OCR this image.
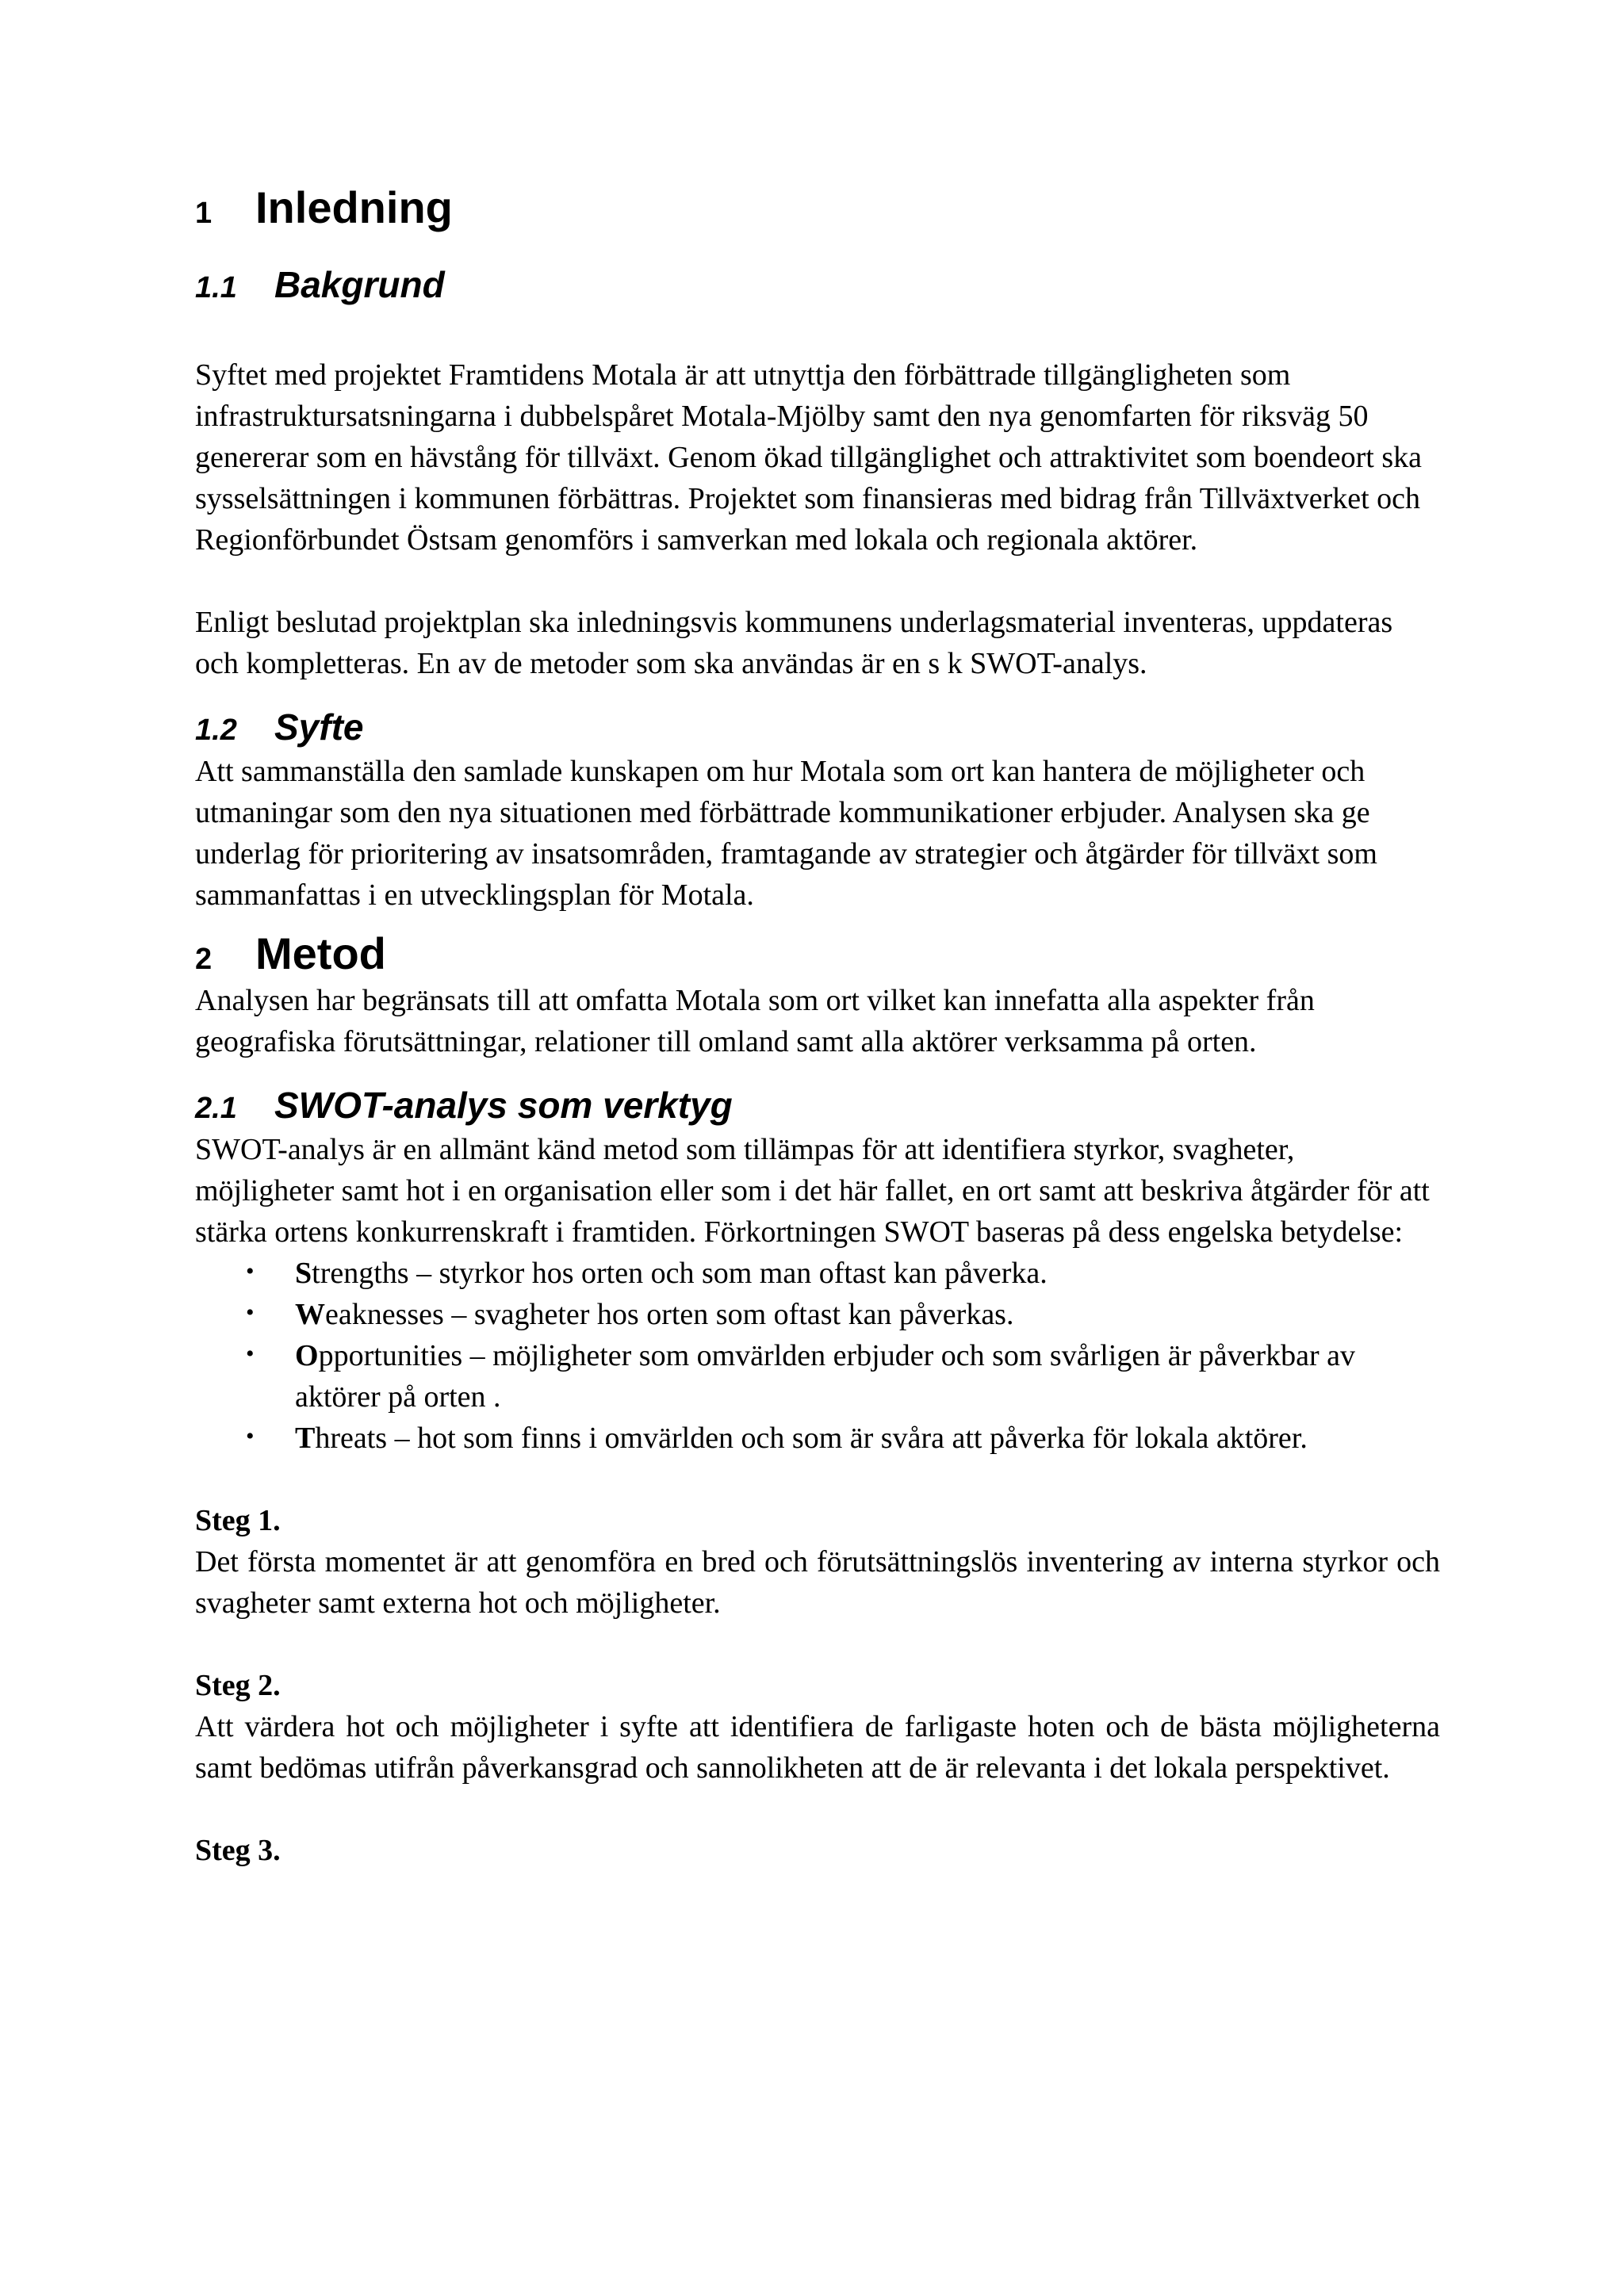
1 Inledning
1.1	Bakgrund

Syftet med projektet Framtidens Motala är att utnyttja den förbättrade tillgängligheten som infrastruktursatsningarna i dubbelspåret Motala-Mjölby samt den nya genomfarten för riksväg 50 genererar som en hävstång för tillväxt. Genom ökad tillgänglighet och attraktivitet som boendeort ska sysselsättningen i kommunen förbättras. Projektet som finansieras med bidrag från Tillväxtverket och Regionförbundet Östsam genomförs i samverkan med lokala och regionala aktörer.

Enligt beslutad projektplan ska inledningsvis kommunens underlagsmaterial inventeras, uppdateras och kompletteras. En av de metoder som ska användas är en s k SWOT-analys.

1.2	Syfte

Att sammanställa den samlade kunskapen om hur Motala som ort kan hantera de möjligheter och utmaningar som den nya situationen med förbättrade kommunikationer erbjuder. Analysen ska ge underlag för prioritering av insatsområden, framtagande av strategier och åtgärder för tillväxt som sammanfattas i en utvecklingsplan för Motala.

2 Metod

Analysen har begränsats till att omfatta Motala som ort vilket kan innefatta alla aspekter från geografiska förutsättningar, relationer till omland samt alla aktörer verksamma på orten.

2.1	SWOT-analys som verktyg

SWOT-analys är en allmänt känd metod som tillämpas för att identifiera styrkor, svagheter, möjligheter samt hot i en organisation eller som i det här fallet, en ort samt att beskriva åtgärder för att stärka ortens konkurrenskraft i framtiden. Förkortningen SWOT baseras på dess engelska betydelse:

• Strengths – styrkor hos orten och som man oftast kan påverka.
• Weaknesses – svagheter hos orten som oftast kan påverkas.
• Opportunities – möjligheter som omvärlden erbjuder och som svårligen är påverkbar av aktörer på orten .
• Threats – hot som finns i omvärlden och som är svåra att påverka för lokala aktörer.

Steg 1.

Det första momentet är att genomföra en bred och förutsättningslös inventering av interna styrkor och svagheter samt externa hot och möjligheter.

Steg 2.

Att värdera hot och möjligheter i syfte att identifiera de farligaste hoten och de bästa möjligheterna samt bedömas utifrån påverkansgrad och sannolikheten att de är relevanta i det lokala perspektivet.

Steg 3.
